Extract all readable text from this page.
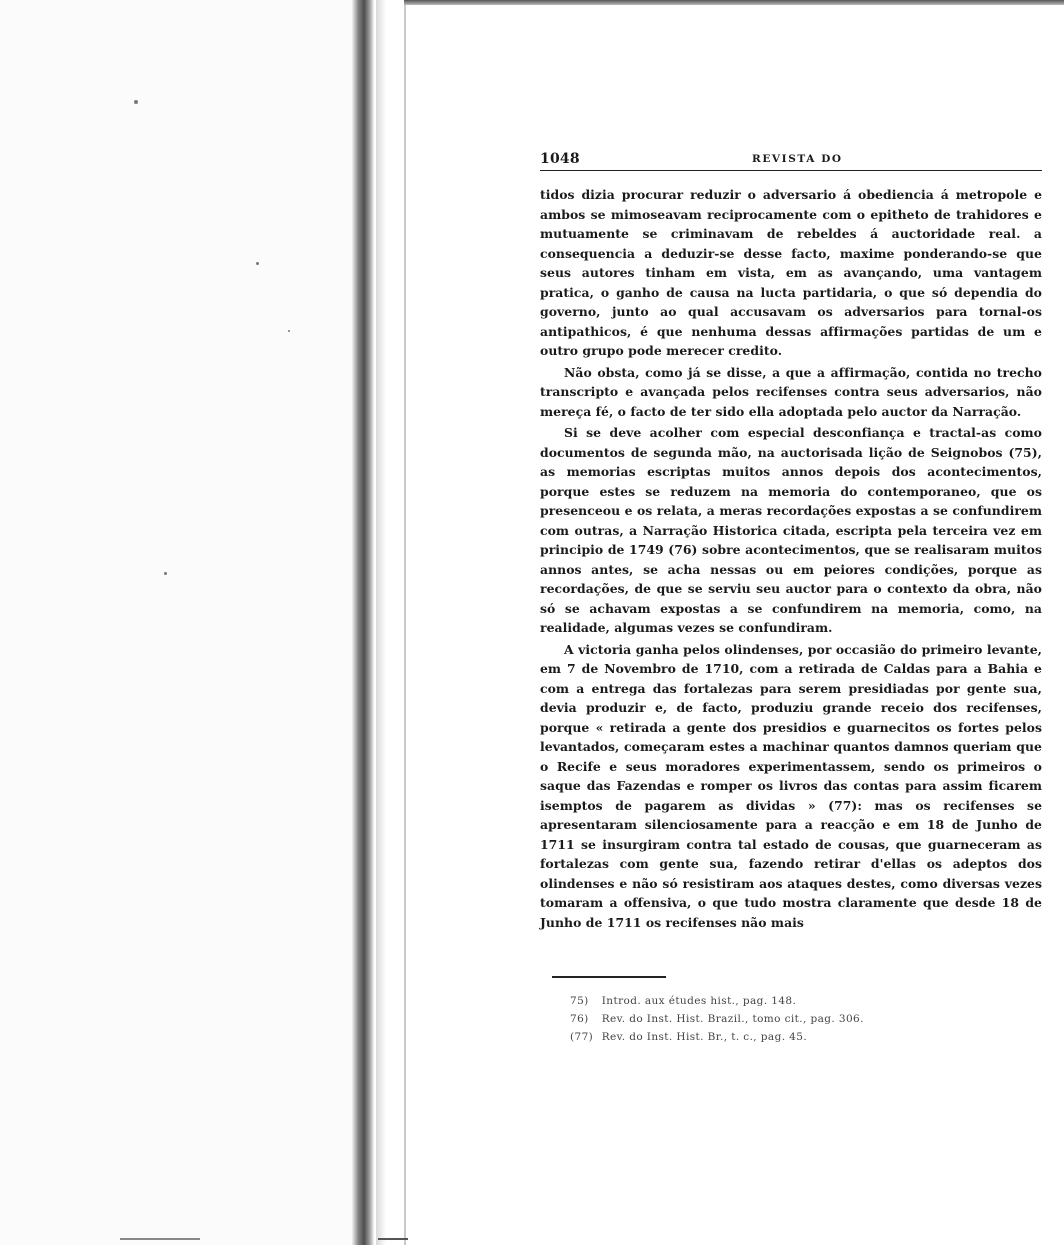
1048	REVISTA DO

tidos dizia procurar reduzir o adversario á obediencia á metropole e ambos se mimoseavam reciprocamente com o epitheto de trahidores e mutuamente se criminavam de rebeldes á auctoridade real. a consequencia a deduzir-se desse facto, maxime ponderando-se que seus autores tinham em vista, em as avançando, uma vantagem pratica, o ganho de causa na lucta partidaria, o que só dependia do governo, junto ao qual accusavam os adversarios para tornal-os antipathicos, é que nenhuma dessas affirmações partidas de um e outro grupo pode merecer credito.

Não obsta, como já se disse, a que a affirmação, contida no trecho transcripto e avançada pelos recifenses contra seus adversarios, não mereça fé, o facto de ter sido ella adoptada pelo auctor da Narração.

Si se deve acolher com especial desconfiança e tractal-as como documentos de segunda mão, na auctorisada lição de Seignobos (75), as memorias escriptas muitos annos depois dos acontecimentos, porque estes se reduzem na memoria do contemporaneo, que os presenceou e os relata, a meras recordações expostas a se confundirem com outras, a Narração Historica citada, escripta pela terceira vez em principio de 1749 (76) sobre acontecimentos, que se realisaram muitos annos antes, se acha nessas ou em peiores condições, porque as recordações, de que se serviu seu auctor para o contexto da obra, não só se achavam expostas a se confundirem na memoria, como, na realidade, algumas vezes se confundiram.

A victoria ganha pelos olindenses, por occasião do primeiro levante, em 7 de Novembro de 1710, com a retirada de Caldas para a Bahia e com a entrega das fortalezas para serem presidiadas por gente sua, devia produzir e, de facto, produziu grande receio dos recifenses, porque « retirada a gente dos presidios e guarnecitos os fortes pelos levantados, começaram estes a machinar quantos damnos queriam que o Recife e seus moradores experimentassem, sendo os primeiros o saque das Fazendas e romper os livros das contas para assim ficarem isemptos de pagarem as dividas » (77): mas os recifenses se apresentaram silenciosamente para a reacção e em 18 de Junho de 1711 se insurgiram contra tal estado de cousas, que guarneceram as fortalezas com gente sua, fazendo retirar d'ellas os adeptos dos olindenses e não só resistiram aos ataques destes, como diversas vezes tomaram a offensiva, o que tudo mostra claramente que desde 18 de Junho de 1711 os recifenses não mais

75) Introd. aux études hist., pag. 148.
76) Rev. do Inst. Hist. Brazil., tomo cit., pag. 306.
(77) Rev. do Inst. Hist. Br., t. c., pag. 45.
